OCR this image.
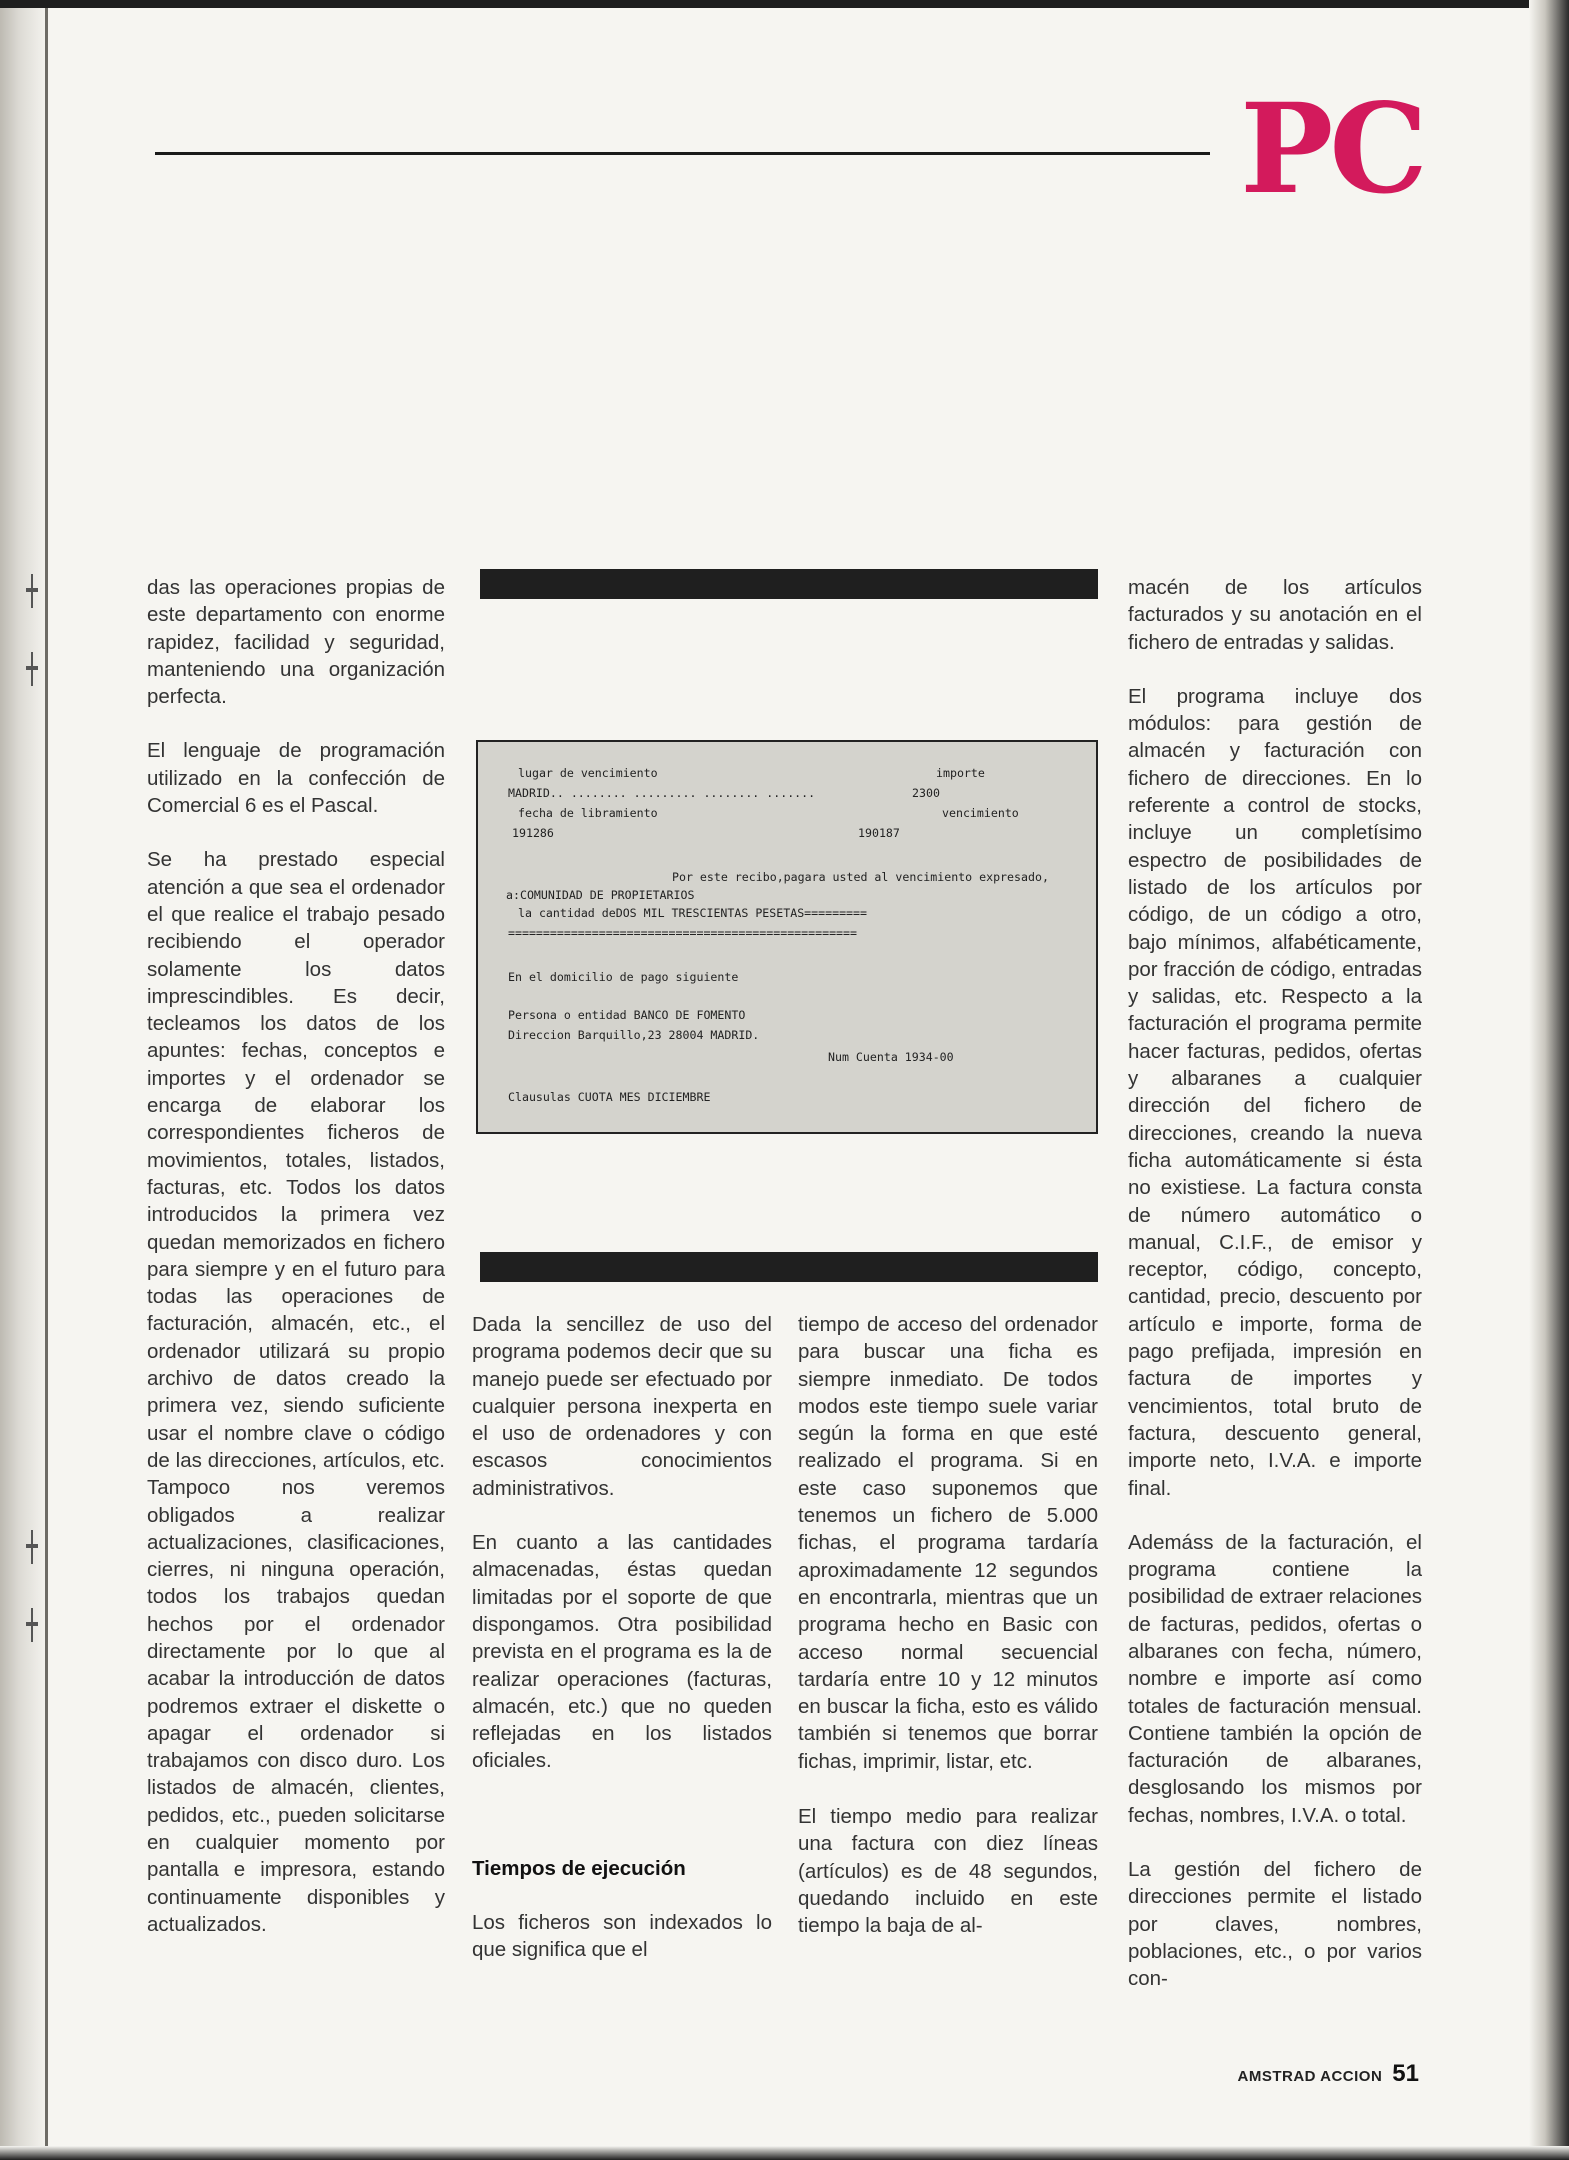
PC

das las operaciones propias de este departamento con enorme rapidez, facilidad y seguridad, manteniendo una organización perfecta.

El lenguaje de programación utilizado en la confección de Comercial 6 es el Pascal.

Se ha prestado especial atención a que sea el ordenador el que realice el trabajo pesado recibiendo el operador solamente los datos imprescindibles. Es decir, tecleamos los datos de los apuntes: fechas, conceptos e importes y el ordenador se encarga de elaborar los correspondientes ficheros de movimientos, totales, listados, facturas, etc. Todos los datos introducidos la primera vez quedan memorizados en fichero para siempre y en el futuro para todas las operaciones de facturación, almacén, etc., el ordenador utilizará su propio archivo de datos creado la primera vez, siendo suficiente usar el nombre clave o código de las direcciones, artículos, etc. Tampoco nos veremos obligados a realizar actualizaciones, clasificaciones, cierres, ni ninguna operación, todos los trabajos quedan hechos por el ordenador directamente por lo que al acabar la introducción de datos podremos extraer el diskette o apagar el ordenador si trabajamos con disco duro. Los listados de almacén, clientes, pedidos, etc., pueden solicitarse en cualquier momento por pantalla e impresora, estando continuamente disponibles y actualizados.

lugar de vencimiento	importe
MADRID.. ........ ......... ........ .......	2300
fecha de libramiento	vencimiento
191286	190187
Por este recibo,pagara usted al vencimiento expresado,
a:COMUNIDAD DE PROPIETARIOS
la cantidad deDOS MIL TRESCIENTAS PESETAS=========
==================================================
En el domicilio de pago siguiente
Persona o entidad BANCO DE FOMENTO
Direccion Barquillo,23 28004 MADRID.
Num Cuenta 1934-00
Clausulas CUOTA MES DICIEMBRE

Dada la sencillez de uso del programa podemos decir que su manejo puede ser efectuado por cualquier persona inexperta en el uso de ordenadores y con escasos conocimientos administrativos.

En cuanto a las cantidades almacenadas, éstas quedan limitadas por el soporte de que dispongamos. Otra posibilidad prevista en el programa es la de realizar operaciones (facturas, almacén, etc.) que no queden reflejadas en los listados oficiales.

Tiempos de ejecución

Los ficheros son indexados lo que significa que el

tiempo de acceso del ordenador para buscar una ficha es siempre inmediato. De todos modos este tiempo suele variar según la forma en que esté realizado el programa. Si en este caso suponemos que tenemos un fichero de 5.000 fichas, el programa tardaría aproximadamente 12 segundos en encontrarla, mientras que un programa hecho en Basic con acceso normal secuencial tardaría entre 10 y 12 minutos en buscar la ficha, esto es válido también si tenemos que borrar fichas, imprimir, listar, etc.

El tiempo medio para realizar una factura con diez líneas (artículos) es de 48 segundos, quedando incluido en este tiempo la baja de al-

macén de los artículos facturados y su anotación en el fichero de entradas y salidas.

El programa incluye dos módulos: para gestión de almacén y facturación con fichero de direcciones. En lo referente a control de stocks, incluye un completísimo espectro de posibilidades de listado de los artículos por código, de un código a otro, bajo mínimos, alfabéticamente, por fracción de código, entradas y salidas, etc. Respecto a la facturación el programa permite hacer facturas, pedidos, ofertas y albaranes a cualquier dirección del fichero de direcciones, creando la nueva ficha automáticamente si ésta no existiese. La factura consta de número automático o manual, C.I.F., de emisor y receptor, código, concepto, cantidad, precio, descuento por artículo e importe, forma de pago prefijada, impresión en factura de importes y vencimientos, total bruto de factura, descuento general, importe neto, I.V.A. e importe final.

Ademáss de la facturación, el programa contiene la posibilidad de extraer relaciones de facturas, pedidos, ofertas o albaranes con fecha, número, nombre e importe así como totales de facturación mensual. Contiene también la opción de facturación de albaranes, desglosando los mismos por fechas, nombres, I.V.A. o total.

La gestión del fichero de direcciones permite el listado por claves, nombres, poblaciones, etc., o por varios con-

AMSTRAD ACCION 51
